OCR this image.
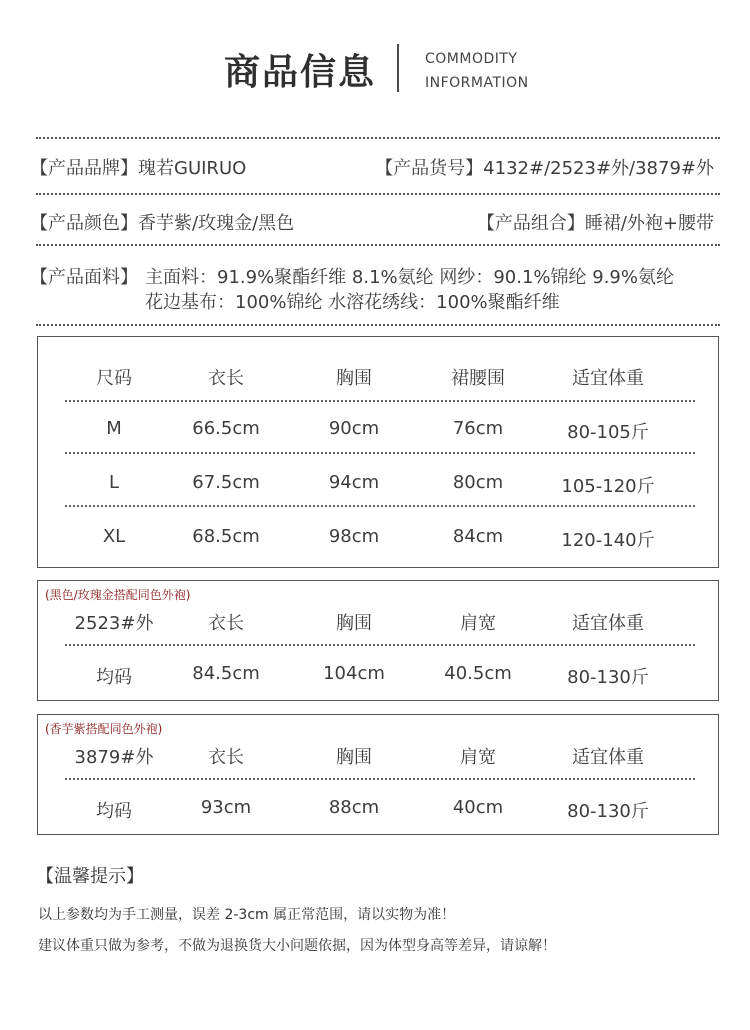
商品信息	COMMODITY
INFORMATION
【产品品牌】瑰若GUIRUO	【产品货号】4132#/2523#外/3879#外
【产品颜色】香芋紫/玫瑰金/黑色	【产品组合】睡裙/外袍+腰带
【产品面料】 主面料：91.9%聚酯纤维 8.1%氨纶 网纱：90.1%锦纶 9.9%氨纶
花边基布：100%锦纶 水溶花绣线：100%聚酯纤维
尺码	衣长	胸围	裙腰围	适宜体重
M	66.5cm	90cm	76cm	80-105斤
L	67.5cm	94cm	80cm	105-120斤
XL	68.5cm	98cm	84cm	120-140斤
(黑色/玫瑰金搭配同色外袍)
2523#外	衣长	胸围	肩宽	适宜体重
均码	84.5cm	104cm	40.5cm	80-130斤
(香芋紫搭配同色外袍)
3879#外	衣长	胸围	肩宽	适宜体重
均码	93cm	88cm	40cm	80-130斤
【温馨提示】
以上参数均为手工测量，误差 2-3cm 属正常范围，请以实物为准！
建议体重只做为参考，不做为退换货大小问题依据，因为体型身高等差异，请谅解！
